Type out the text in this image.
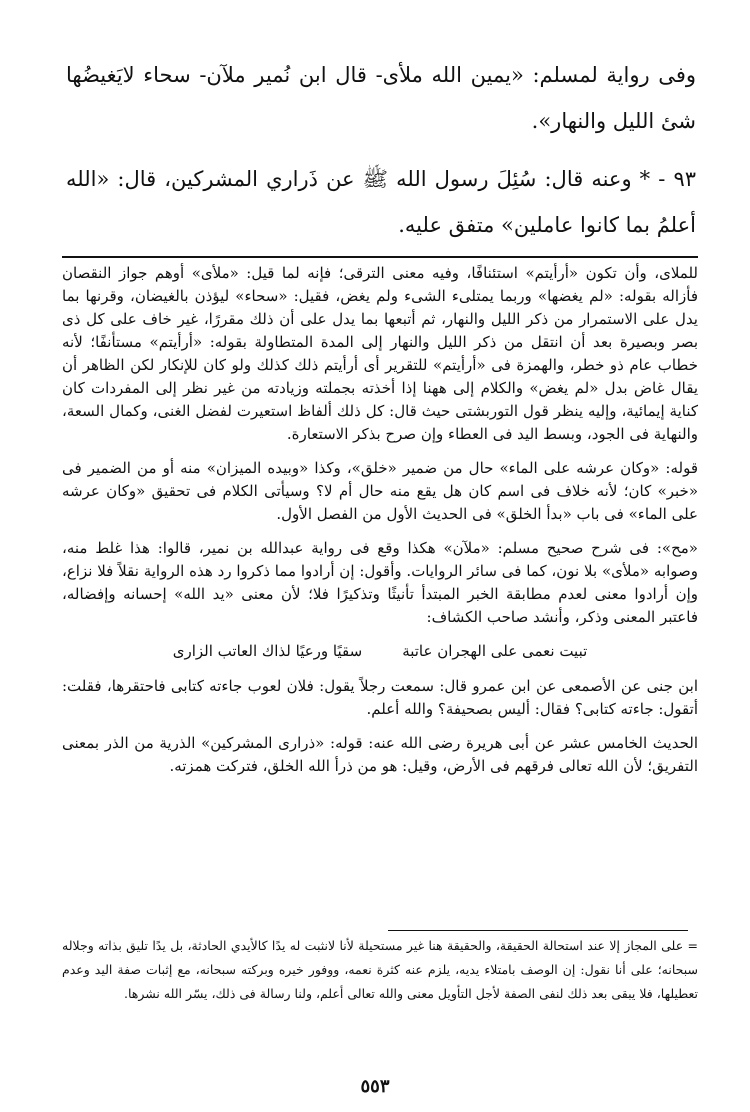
وفى رواية لمسلم: «يمين الله ملأى- قال ابن نُمير ملآن- سحاء لايَغيضُها شئ الليل والنهار».

٩٣ - * وعنه قال: سُئِلَ رسول الله ﷺ عن ذَراري المشركين، قال: «الله أعلمُ بما كانوا عاملين» متفق عليه.

للملاى، وأن تكون «أرأيتم» استئنافًا، وفيه معنى الترقى؛ فإنه لما قيل: «ملأى» أوهم جواز النقصان فأزاله بقوله: «لم يغضها» وربما يمتلىء الشىء ولم يغض، فقيل: «سحاء» ليؤذن بالغيضان، وقرنها بما يدل على الاستمرار من ذكر الليل والنهار، ثم أتبعها بما يدل على أن ذلك مقررًا، غير خاف على كل ذى بصر وبصيرة بعد أن انتقل من ذكر الليل والنهار إلى المدة المتطاولة بقوله: «أرأيتم» مستأنفًا؛ لأنه خطاب عام ذو خطر، والهمزة فى «أرأيتم» للتقرير أى أرأيتم ذلك كذلك ولو كان للإنكار لكن الظاهر أن يقال غاض بدل «لم يغض» والكلام إلى ههنا إذا أخذته بجملته وزيادته من غير نظر إلى المفردات كان كناية إيمائية، وإليه ينظر قول التوربشتى حيث قال: كل ذلك ألفاظ استعيرت لفضل الغنى، وكمال السعة، والنهاية فى الجود، وبسط اليد فى العطاء وإن صرح بذكر الاستعارة.

قوله: «وكان عرشه على الماء» حال من ضمير «خلق»، وكذا «وبيده الميزان» منه أو من الضمير فى «خبر» كان؛ لأنه خلاف فى اسم كان هل يقع منه حال أم لا؟ وسيأتى الكلام فى تحقيق «وكان عرشه على الماء» فى باب «بدأ الخلق» فى الحديث الأول من الفصل الأول.

«مح»: فى شرح صحيح مسلم: «ملآن» هكذا وقع فى رواية عبدالله بن نمير، قالوا: هذا غلط منه، وصوابه «ملأى» بلا نون، كما فى سائر الروايات. وأقول: إن أرادوا مما ذكروا رد هذه الرواية نقلاً فلا نزاع، وإن أرادوا معنى لعدم مطابقة الخبر المبتدأ تأنيثًا وتذكيرًا فلا؛ لأن معنى «يد الله» إحسانه وإفضاله، فاعتبر المعنى وذكر، وأنشد صاحب الكشاف:

تبيت نعمى على الهجران عاتبة
سقيًا ورعيًا لذاك العاتب الزارى

ابن جنى عن الأصمعى عن ابن عمرو قال: سمعت رجلاً يقول: فلان لعوب جاءته كتابى فاحتقرها، فقلت: أتقول: جاءته كتابى؟ فقال: أليس بصحيفة؟ والله أعلم.

الحديث الخامس عشر عن أبى هريرة رضى الله عنه: قوله: «ذرارى المشركين» الذرية من الذر بمعنى التفريق؛ لأن الله تعالى فرقهم فى الأرض، وقيل: هو من ذرأ الله الخلق، فتركت همزته.

= على المجاز إلا عند استحالة الحقيقة، والحقيقة هنا غير مستحيلة لأنا لانثبت له يدًا كالأيدي الحادثة، بل يدًا تليق بذاته وجلاله سبحانه؛ على أنا نقول: إن الوصف بامتلاء يديه، يلزم عنه كثرة نعمه، ووفور خيره وبركته سبحانه، مع إثبات صفة اليد وعدم تعطيلها، فلا يبقى بعد ذلك لنفى الصفة لأجل التأويل معنى والله تعالى أعلم، ولنا رسالة فى ذلك، يسّر الله نشرها.

٥٥٣
